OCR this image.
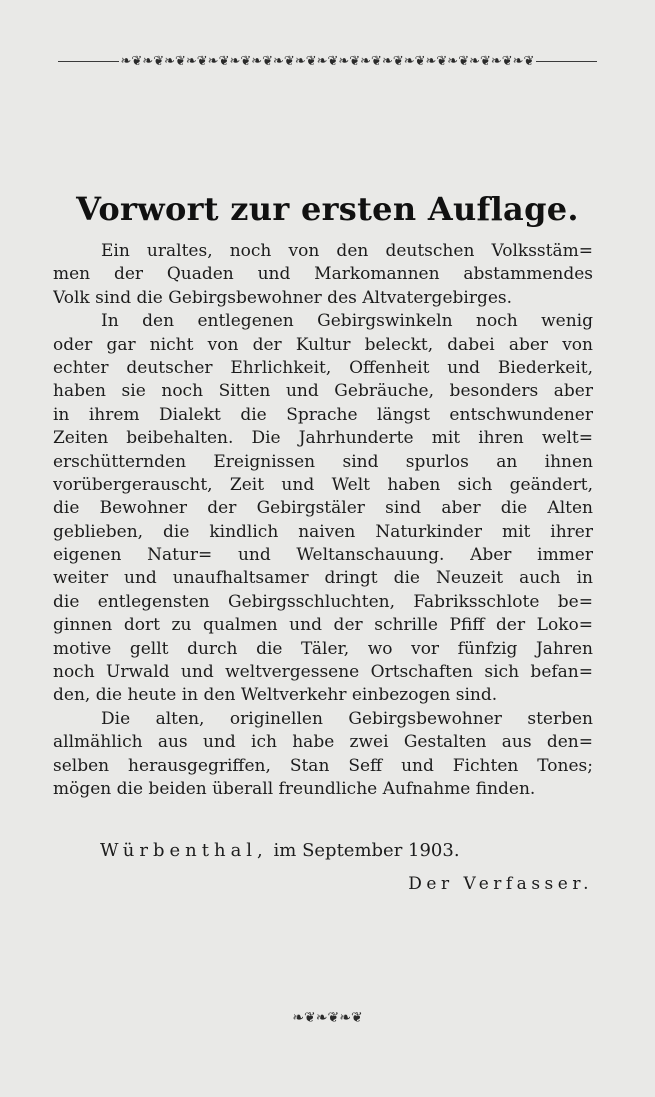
❧❦❧❦❧❦❧❦❧❦❧❦❧❦❧❦❧❦❧❦❧❦❧❦❧❦❧❦❧❦❧❦❧❦❧❦❧❦
Vorwort zur ersten Auflage.
Ein uraltes, noch von den deutschen Volksstäm=
men der Quaden und Markomannen abstammendes
Volk sind die Gebirgsbewohner des Altvatergebirges.
In den entlegenen Gebirgswinkeln noch wenig
oder gar nicht von der Kultur beleckt, dabei aber von
echter deutscher Ehrlichkeit, Offenheit und Biederkeit,
haben sie noch Sitten und Gebräuche, besonders aber
in ihrem Dialekt die Sprache längst entschwundener
Zeiten beibehalten. Die Jahrhunderte mit ihren welt=
erschütternden Ereignissen sind spurlos an ihnen
vorübergerauscht, Zeit und Welt haben sich geändert,
die Bewohner der Gebirgstäler sind aber die Alten
geblieben, die kindlich naiven Naturkinder mit ihrer
eigenen Natur= und Weltanschauung. Aber immer
weiter und unaufhaltsamer dringt die Neuzeit auch in
die entlegensten Gebirgsschluchten, Fabriksschlote be=
ginnen dort zu qualmen und der schrille Pfiff der Loko=
motive gellt durch die Täler, wo vor fünfzig Jahren
noch Urwald und weltvergessene Ortschaften sich befan=
den, die heute in den Weltverkehr einbezogen sind.
Die alten, originellen Gebirgsbewohner sterben
allmählich aus und ich habe zwei Gestalten aus den=
selben herausgegriffen, Stan Seff und Fichten Tones;
mögen die beiden überall freundliche Aufnahme finden.
Würbenthal, im September 1903.
Der Verfasser.
❧❦❧❦❧❦
